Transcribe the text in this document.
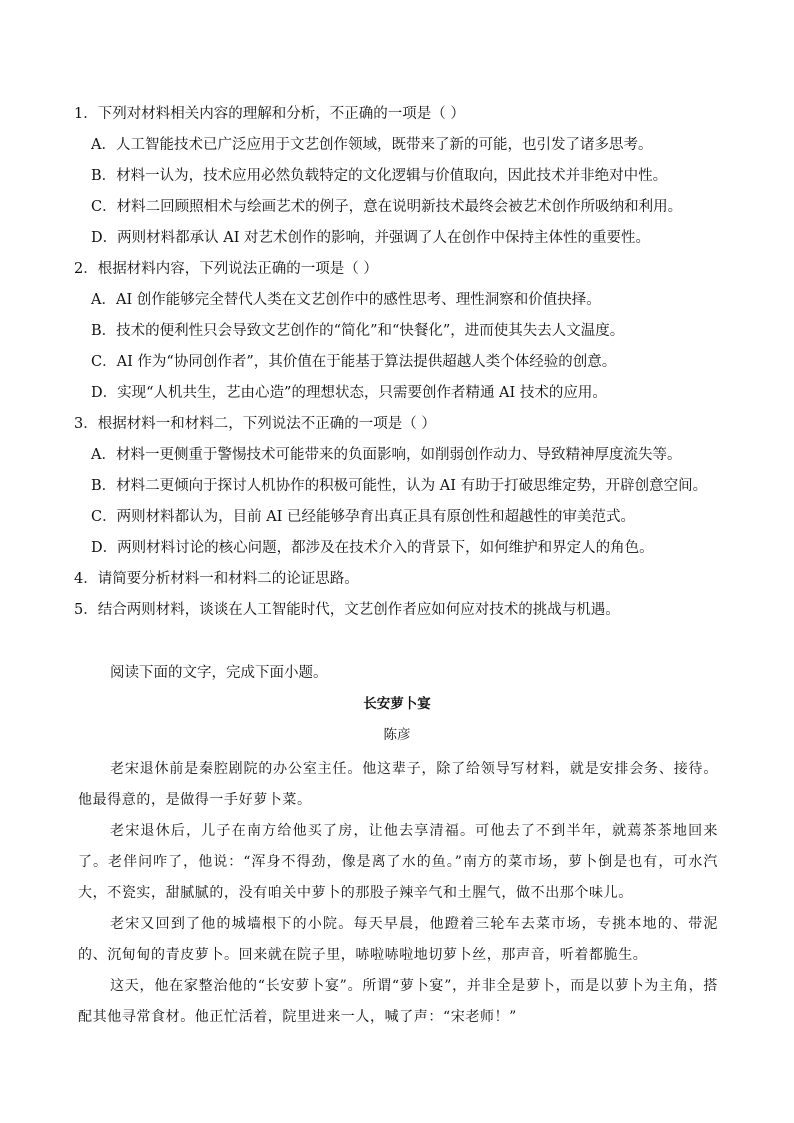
1．下列对材料相关内容的理解和分析，不正确的一项是（ ）
A．人工智能技术已广泛应用于文艺创作领域，既带来了新的可能，也引发了诸多思考。
B．材料一认为，技术应用必然负载特定的文化逻辑与价值取向，因此技术并非绝对中性。
C．材料二回顾照相术与绘画艺术的例子，意在说明新技术最终会被艺术创作所吸纳和利用。
D．两则材料都承认 AI 对艺术创作的影响，并强调了人在创作中保持主体性的重要性。
2．根据材料内容，下列说法正确的一项是（ ）
A．AI 创作能够完全替代人类在文艺创作中的感性思考、理性洞察和价值抉择。
B．技术的便利性只会导致文艺创作的“简化”和“快餐化”，进而使其失去人文温度。
C．AI 作为“协同创作者”，其价值在于能基于算法提供超越人类个体经验的创意。
D．实现“人机共生，艺由心造”的理想状态，只需要创作者精通 AI 技术的应用。
3．根据材料一和材料二，下列说法不正确的一项是（ ）
A．材料一更侧重于警惕技术可能带来的负面影响，如削弱创作动力、导致精神厚度流失等。
B．材料二更倾向于探讨人机协作的积极可能性，认为 AI 有助于打破思维定势，开辟创意空间。
C．两则材料都认为，目前 AI 已经能够孕育出真正具有原创性和超越性的审美范式。
D．两则材料讨论的核心问题，都涉及在技术介入的背景下，如何维护和界定人的角色。
4．请简要分析材料一和材料二的论证思路。
5．结合两则材料，谈谈在人工智能时代，文艺创作者应如何应对技术的挑战与机遇。
阅读下面的文字，完成下面小题。
长安萝卜宴
陈彦
老宋退休前是秦腔剧院的办公室主任。他这辈子，除了给领导写材料，就是安排会务、接待。他最得意的，是做得一手好萝卜菜。
老宋退休后，儿子在南方给他买了房，让他去享清福。可他去了不到半年，就蔫茶茶地回来了。老伴问咋了，他说：“浑身不得劲，像是离了水的鱼。”南方的菜市场，萝卜倒是也有，可水汽大，不瓷实，甜腻腻的，没有咱关中萝卜的那股子辣辛气和土腥气，做不出那个味儿。
老宋又回到了他的城墙根下的小院。每天早晨，他蹬着三轮车去菜市场，专挑本地的、带泥的、沉甸甸的青皮萝卜。回来就在院子里，哧啦哧啦地切萝卜丝，那声音，听着都脆生。
这天，他在家整治他的“长安萝卜宴”。所谓“萝卜宴”，并非全是萝卜，而是以萝卜为主角，搭配其他寻常食材。他正忙活着，院里进来一人，喊了声：“宋老师！”
